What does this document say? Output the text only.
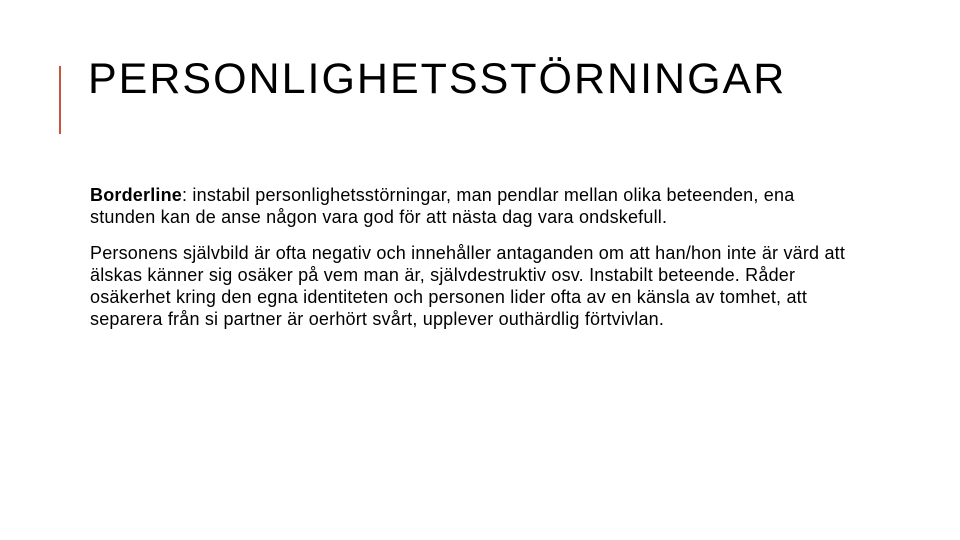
PERSONLIGHETSSTÖRNINGAR

Borderline: instabil personlighetsstörningar, man pendlar mellan olika beteenden, ena stunden kan de anse någon vara god för att nästa dag vara ondskefull.

Personens självbild är ofta negativ och innehåller antaganden om att han/hon inte är värd att älskas känner sig osäker på vem man är, självdestruktiv osv. Instabilt beteende. Råder osäkerhet kring den egna identiteten och personen lider ofta av en känsla av tomhet, att separera från si partner är oerhört svårt, upplever outhärdlig förtvivlan.
